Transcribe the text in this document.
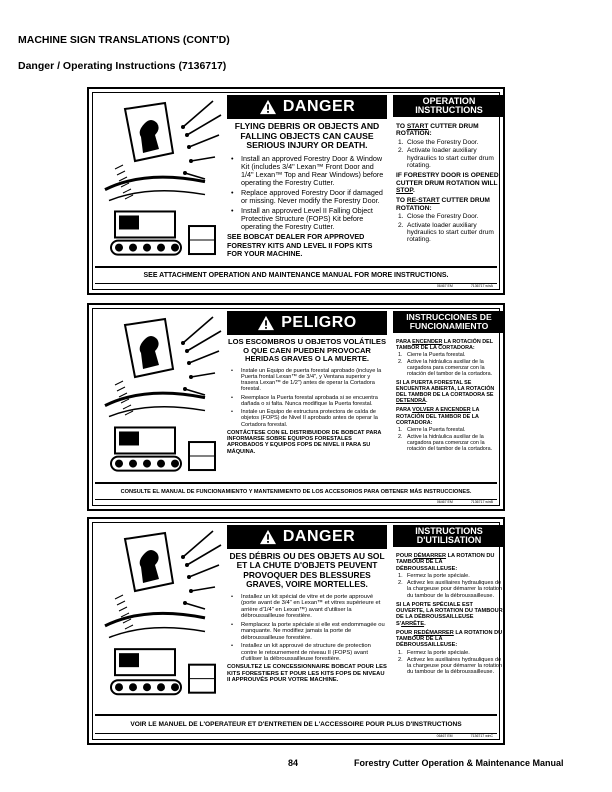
MACHINE SIGN TRANSLATIONS (CONT'D)
Danger / Operating Instructions (7136717)
DANGER
FLYING DEBRIS OR OBJECTS AND FALLING OBJECTS CAN CAUSE SERIOUS INJURY OR DEATH.
• Install an approved Forestry Door & Window Kit (includes 3/4" Lexan™ Front Door and 1/4" Lexan™ Top and Rear Windows) before operating the Forestry Cutter.
• Replace approved Forestry Door if damaged or missing. Never modify the Forestry Door.
• Install an approved Level II Falling Object Protective Structure (FOPS) Kit before operating the Forestry Cutter.
SEE BOBCAT DEALER FOR APPROVED FORESTRY KITS AND LEVEL II FOPS KITS FOR YOUR MACHINE.
OPERATION INSTRUCTIONS
TO START CUTTER DRUM ROTATION:
1. Close the Forestry Door.
2. Activate loader auxiliary hydraulics to start cutter drum rotating.
IF FORESTRY DOOR IS OPENED, CUTTER DRUM ROTATION WILL STOP.
TO RE-START CUTTER DRUM ROTATION:
1. Close the Forestry Door.
2. Activate loader auxiliary hydraulics to start cutter drum rotating.
SEE ATTACHMENT OPERATION AND MAINTENANCE MANUAL FOR MORE INSTRUCTIONS.
06467 EM	7136717 winA
PELIGRO
LOS ESCOMBROS U OBJETOS VOLÁTILES O QUE CAEN PUEDEN PROVOCAR HERIDAS GRAVES O LA MUERTE.
• Instale un Equipo de puerta forestal aprobado (incluye la Puerta frontal Lexan™ de 3/4", y Ventana superior y trasera Lexan™ de 1/2") antes de operar la Cortadora forestal.
• Reemplace la Puerta forestal aprobada si se encuentra dañada o si falta. Nunca modifique la Puerta forestal.
• Instale un Equipo de estructura protectora de caída de objetos (FOPS) de Nivel II aprobado antes de operar la Cortadora forestal.
CONTÁCTESE CON EL DISTRIBUIDOR DE BOBCAT PARA INFORMARSE SOBRE EQUIPOS FORESTALES APROBADOS Y EQUIPOS FOPS DE NIVEL II PARA SU MÁQUINA.
INSTRUCCIONES DE FUNCIONAMIENTO
PARA ENCENDER LA ROTACIÓN DEL TAMBOR DE LA CORTADORA:
1. Cierre la Puerta forestal.
2. Active la hidráulica auxiliar de la cargadora para comenzar con la rotación del tambor de la cortadora.
SI LA PUERTA FORESTAL SE ENCUENTRA ABIERTA, LA ROTACIÓN DEL TAMBOR DE LA CORTADORA SE DETENDRÁ.
PARA VOLVER A ENCENDER LA ROTACIÓN DEL TAMBOR DE LA CORTADORA:
1. Cierre la Puerta forestal.
2. Active la hidráulica auxiliar de la cargadora para comenzar con la rotación del tambor de la cortadora.
CONSULTE EL MANUAL DE FUNCIONAMIENTO Y MANTENIMIENTO DE LOS ACCESORIOS PARA OBTENER MÁS INSTRUCCIONES.
06467 EM	7136717 winB
DANGER
DES DÉBRIS OU DES OBJETS AU SOL ET LA CHUTE D'OBJETS PEUVENT PROVOQUER DES BLESSURES GRAVES, VOIRE MORTELLES.
• Installez un kit spécial de vitre et de porte approuvé (porte avant de 3/4" en Lexan™ et vitres supérieure et arrière d'1/4" en Lexan™) avant d'utiliser la débroussailleuse forestière.
• Remplacez la porte spéciale si elle est endommagée ou manquante. Ne modifiez jamais la porte de débroussailleuse forestière.
• Installez un kit approuvé de structure de protection contre le retournement de niveau II (FOPS) avant d'utiliser la débroussailleuse forestière.
CONSULTEZ LE CONCESSIONNAIRE BOBCAT POUR LES KITS FORESTIERS ET POUR LES KITS FOPS DE NIVEAU II APPROUVÉS POUR VOTRE MACHINE.
INSTRUCTIONS D'UTILISATION
POUR DÉMARRER LA ROTATION DU TAMBOUR DE LA DÉBROUSSAILLEUSE:
1. Fermez la porte spéciale.
2. Activez les auxiliaires hydrauliques de la chargeuse pour démarrer la rotation du tambour de la débroussailleuse.
SI LA PORTE SPÉCIALE EST OUVERTE, LA ROTATION DU TAMBOUR DE LA DÉBROUSSAILLEUSE S'ARRÊTE.
POUR REDÉMARRER LA ROTATION DU TAMBOUR DE LA DÉBROUSSAILLEUSE:
1. Fermez la porte spéciale.
2. Activez les auxiliaires hydrauliques de la chargeuse pour démarrer la rotation du tambour de la débroussailleuse.
VOIR LE MANUEL DE L'OPERATEUR ET D'ENTRETIEN DE L'ACCESSOIRE POUR PLUS D'INSTRUCTIONS
06467 EM	7136717 winC
84	Forestry Cutter Operation & Maintenance Manual
